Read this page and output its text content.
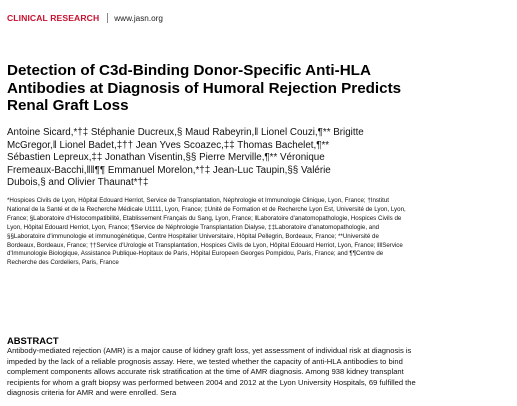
CLINICAL RESEARCH www.jasn.org
Detection of C3d-Binding Donor-Specific Anti-HLA Antibodies at Diagnosis of Humoral Rejection Predicts Renal Graft Loss

Antoine Sicard,*†‡ Stéphanie Ducreux,§ Maud Rabeyrin,‖ Lionel Couzi,¶** Brigitte McGregor,‖ Lionel Badet,‡†† Jean Yves Scoazec,‡‡ Thomas Bachelet,¶** Sébastien Lepreux,‡‡ Jonathan Visentin,§§ Pierre Merville,¶** Véronique Fremeaux-Bacchi,‖‖¶¶ Emmanuel Morelon,*†‡ Jean-Luc Taupin,§§ Valérie Dubois,§ and Olivier Thaunat*†‡

*Hospices Civils de Lyon, Hôpital Edouard Herriot, Service de Transplantation, Néphrologie et Immunologie Clinique, Lyon, France; †Institut National de la Santé et de la Recherche Médicale U1111, Lyon, France; ‡Unité de Formation et de Recherche Lyon Est, Université de Lyon, Lyon, France; §Laboratoire d'Histocompatibilité, Etablissement Français du Sang, Lyon, France; ‖Laboratoire d'anatomopathologie, Hospices Civils de Lyon, Hôpital Edouard Herriot, Lyon, France; ¶Service de Néphrologie Transplantation Dialyse, ‡‡Laboratoire d'anatomopathologie, and §§Laboratoire d'immunologie et immunogénétique, Centre Hospitalier Universitaire, Hôpital Pellegrin, Bordeaux, France; **Université de Bordeaux, Bordeaux, France; ††Service d'Urologie et Transplantation, Hospices Civils de Lyon, Hôpital Edouard Herriot, Lyon, France; ‖‖Service d'Immunologie Biologique, Assistance Publique-Hopitaux de Paris, Hôpital Europeen Georges Pompidou, Paris, France; and ¶¶Centre de Recherche des Cordeliers, Paris, France

ABSTRACT

Antibody-mediated rejection (AMR) is a major cause of kidney graft loss, yet assessment of individual risk at diagnosis is impeded by the lack of a reliable prognosis assay. Here, we tested whether the capacity of anti-HLA antibodies to bind complement components allows accurate risk stratification at the time of AMR diagnosis. Among 938 kidney transplant recipients for whom a graft biopsy was performed between 2004 and 2012 at the Lyon University Hospitals, 69 fulfilled the diagnosis criteria for AMR and were enrolled. Sera
